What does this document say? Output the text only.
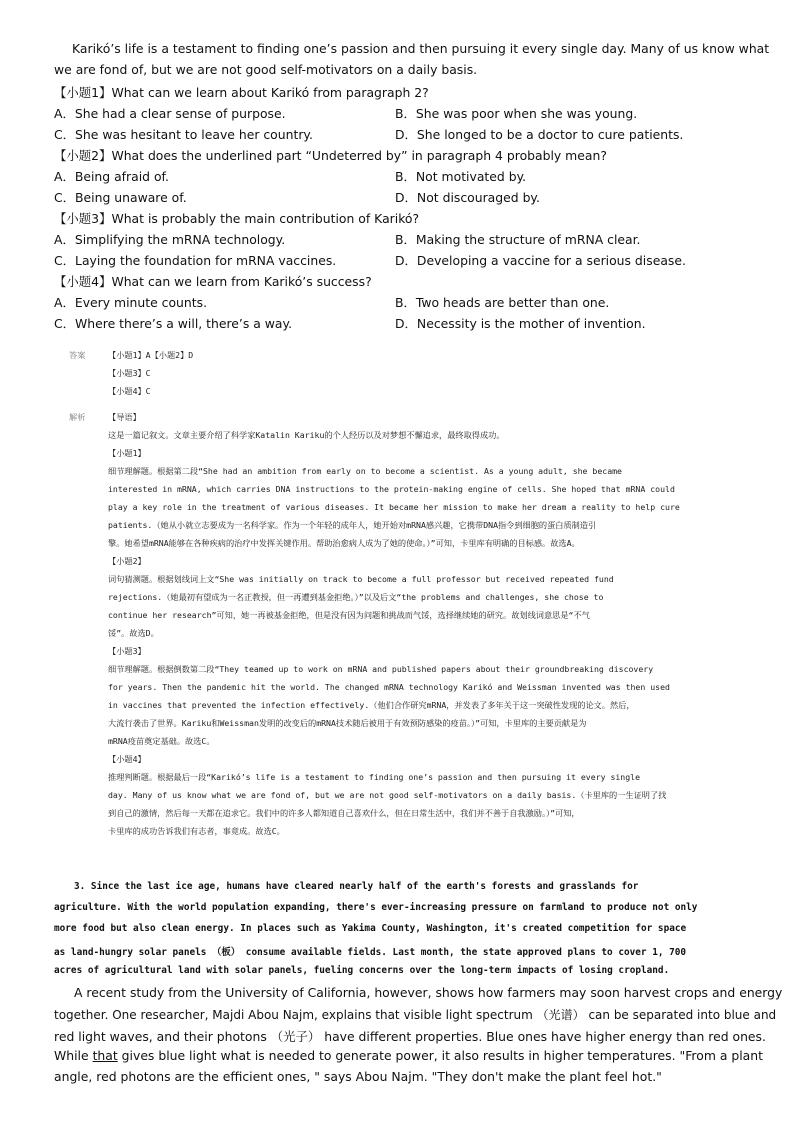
Karikó’s life is a testament to finding one’s passion and then pursuing it every single day. Many of us know what
we are fond of, but we are not good self-motivators on a daily basis.
【小题1】What can we learn about Karikó from paragraph 2?
A．She had a clear sense of purpose.	B．She was poor when she was young.
C．She was hesitant to leave her country.	D．She longed to be a doctor to cure patients.
【小题2】What does the underlined part “Undeterred by” in paragraph 4 probably mean?
A．Being afraid of.	B．Not motivated by.
C．Being unaware of.	D．Not discouraged by.
【小题3】What is probably the main contribution of Karikó?
A．Simplifying the mRNA technology.	B．Making the structure of mRNA clear.
C．Laying the foundation for mRNA vaccines.	D．Developing a vaccine for a serious disease.
【小题4】What can we learn from Karikó’s success?
A．Every minute counts.	B．Two heads are better than one.
C．Where there’s a will, there’s a way.	D．Necessity is the mother of invention.
答案	【小题1】A【小题2】D
【小题3】C
【小题4】C
解析	【导语】
这是一篇记叙文。文章主要介绍了科学家Katalin Kariku的个人经历以及对梦想不懈追求，最终取得成功。
【小题1】
细节理解题。根据第二段“She had an ambition from early on to become a scientist. As a young adult, she became
interested in mRNA, which carries DNA instructions to the protein-making engine of cells. She hoped that mRNA could
play a key role in the treatment of various diseases. It became her mission to make her dream a reality to help cure
patients.（她从小就立志要成为一名科学家。作为一个年轻的成年人，她开始对mRNA感兴趣，它携带DNA指令到细胞的蛋白质制造引
擎。她希望mRNA能够在各种疾病的治疗中发挥关键作用。帮助治愈病人成为了她的使命。）”可知，卡里库有明确的目标感。故选A。
【小题2】
词句猜测题。根据划线词上文“She was initially on track to become a full professor but received repeated fund
rejections.（她最初有望成为一名正教授，但一再遭到基金拒绝。）”以及后文“the problems and challenges, she chose to
continue her research”可知，她一再被基金拒绝，但是没有因为问题和挑战而气馁，选择继续她的研究。故划线词意思是“不气
馁”。故选D。
【小题3】
细节理解题。根据倒数第二段“They teamed up to work on mRNA and published papers about their groundbreaking discovery
for years. Then the pandemic hit the world. The changed mRNA technology Karikó and Weissman invented was then used
in vaccines that prevented the infection effectively.（他们合作研究mRNA，并发表了多年关于这一突破性发现的论文。然后，
大流行袭击了世界。Kariku和Weissman发明的改变后的mRNA技术随后被用于有效预防感染的疫苗。）”可知，卡里库的主要贡献是为
mRNA疫苗奠定基础。故选C。
【小题4】
推理判断题。根据最后一段“Karikó’s life is a testament to finding one’s passion and then pursuing it every single
day. Many of us know what we are fond of, but we are not good self-motivators on a daily basis.（卡里库的一生证明了找
到自己的激情，然后每一天都在追求它。我们中的许多人都知道自己喜欢什么，但在日常生活中，我们并不善于自我激励。）”可知，
卡里库的成功告诉我们有志者，事竟成。故选C。
3. Since the last ice age, humans have cleared nearly half of the earth's forests and grasslands for
agriculture. With the world population expanding, there's ever-increasing pressure on farmland to produce not only
more food but also clean energy. In places such as Yakima County, Washington, it's created competition for space
as land-hungry solar panels （板） consume available fields. Last month, the state approved plans to cover 1, 700
acres of agricultural land with solar panels, fueling concerns over the long-term impacts of losing cropland.
A recent study from the University of California, however, shows how farmers may soon harvest crops and energy
together. One researcher, Majdi Abou Najm, explains that visible light spectrum （光谱） can be separated into blue and
red light waves, and their photons （光子） have different properties. Blue ones have higher energy than red ones.
While that gives blue light what is needed to generate power, it also results in higher temperatures. "From a plant
angle, red photons are the efficient ones, " says Abou Najm. "They don't make the plant feel hot."
